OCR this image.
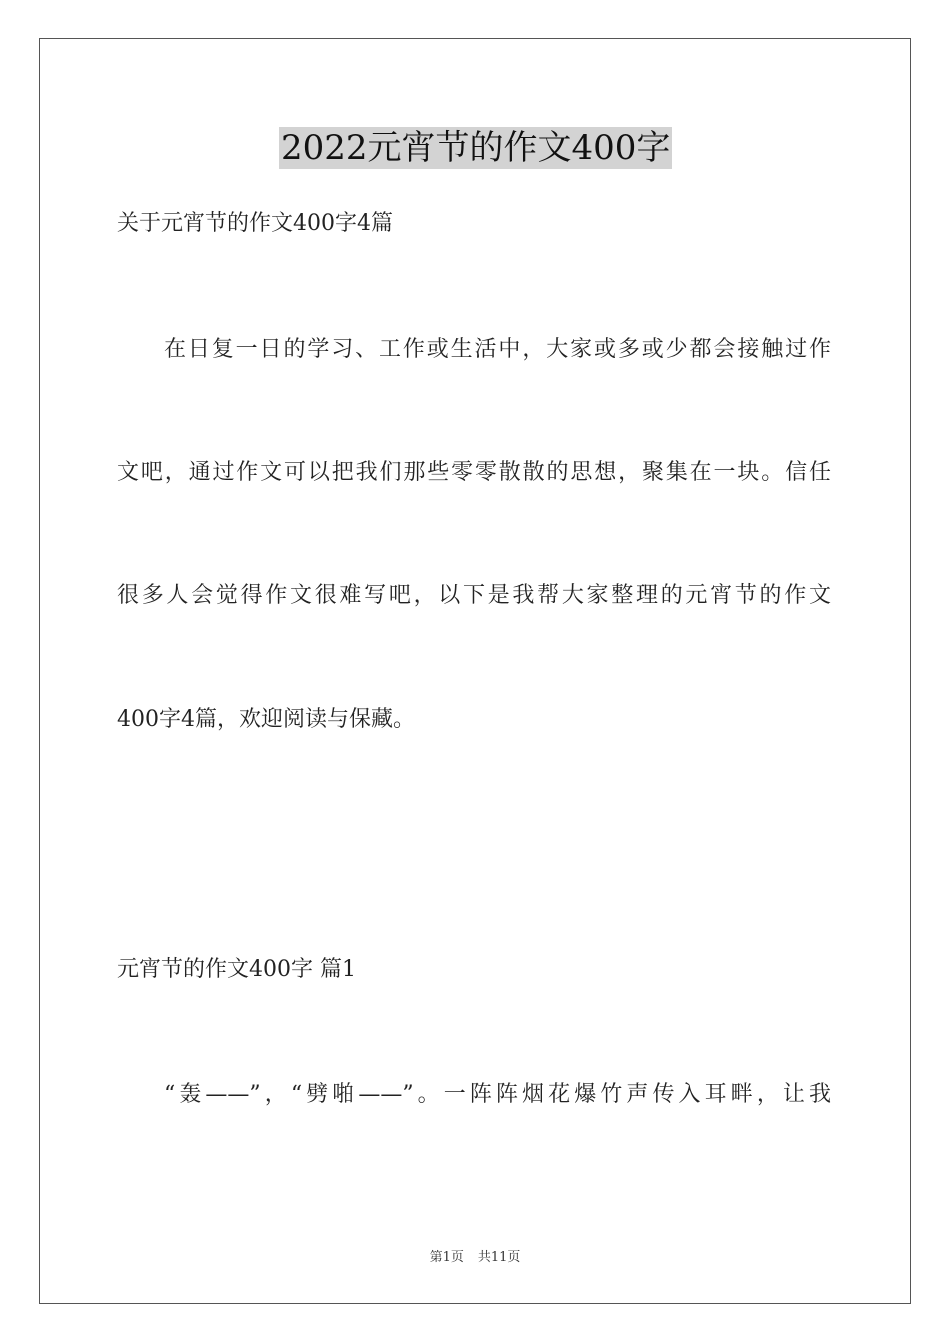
2022元宵节的作文400字
关于元宵节的作文400字4篇
在日复一日的学习、工作或生活中，大家或多或少都会接触过作
文吧，通过作文可以把我们那些零零散散的思想，聚集在一块。信任
很多人会觉得作文很难写吧，以下是我帮大家整理的元宵节的作文
400字4篇，欢迎阅读与保藏。
元宵节的作文400字 篇1
“轰——”，“劈啪——”。一阵阵烟花爆竹声传入耳畔，让我
第1页 共11页
